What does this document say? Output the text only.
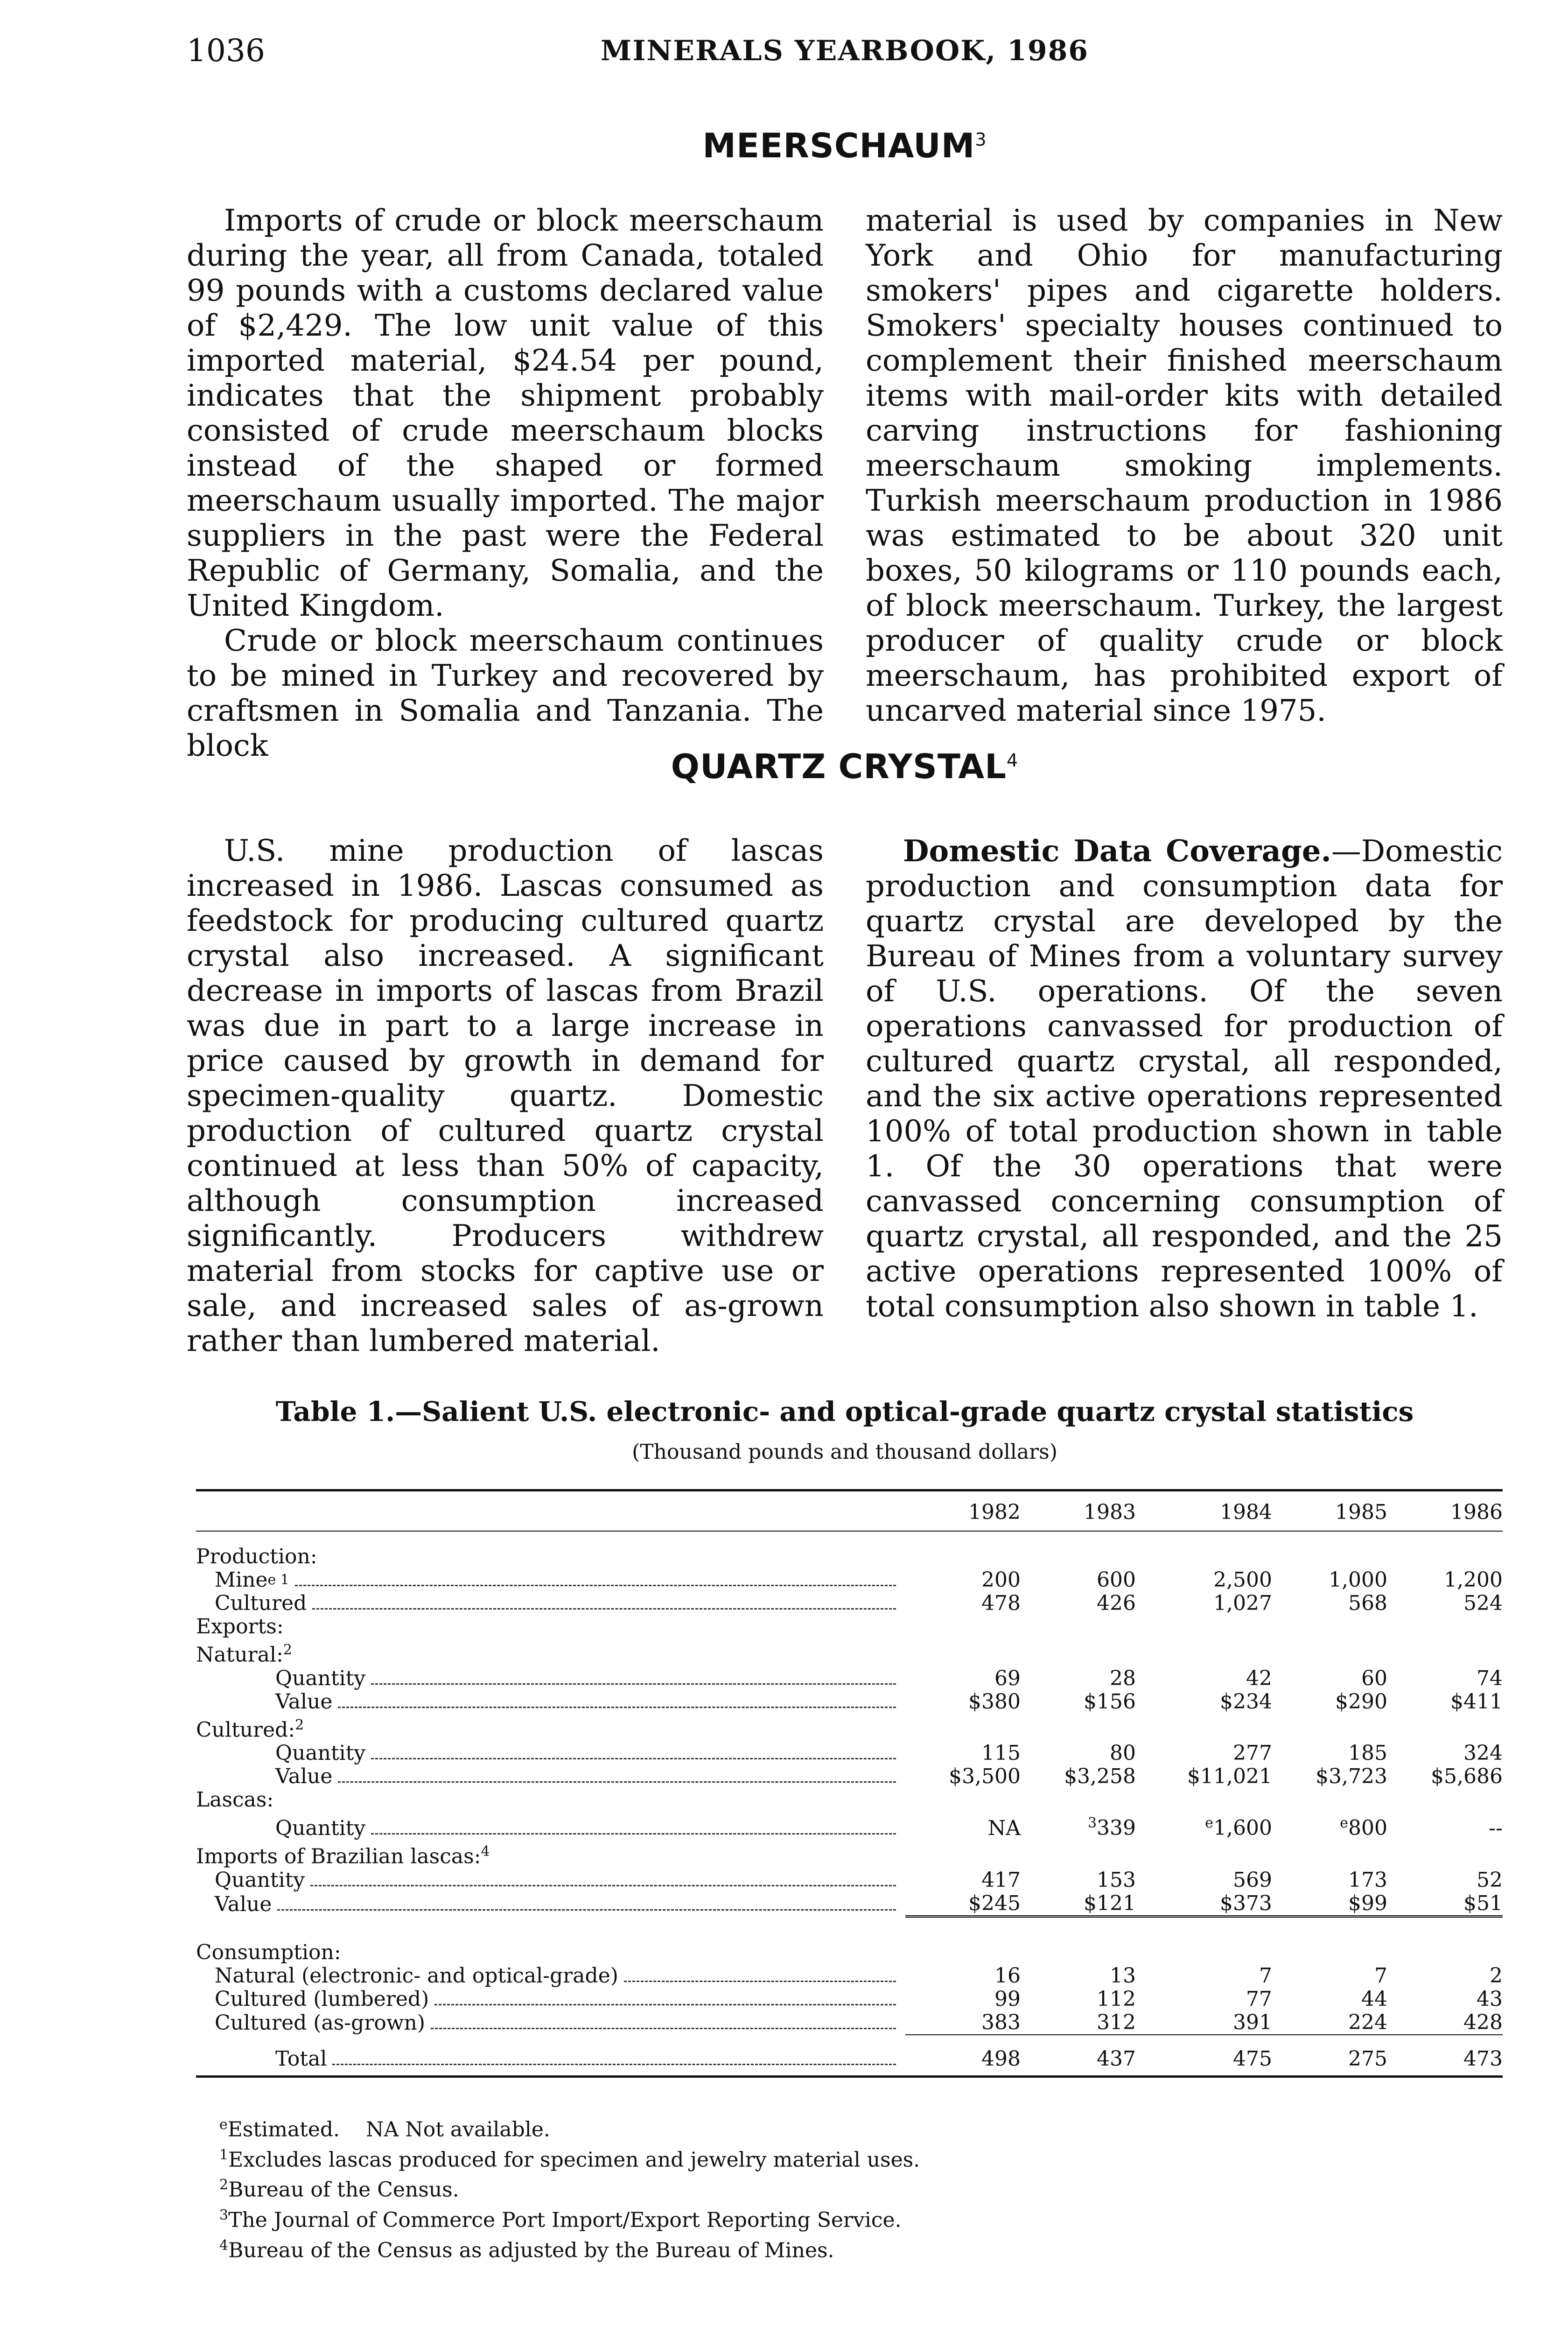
1036	MINERALS YEARBOOK, 1986
MEERSCHAUM$^3$

Imports of crude or block meerschaum during the year, all from Canada, totaled 99 pounds with a customs declared value of $2,429. The low unit value of this imported material, $24.54 per pound, indicates that the shipment probably consisted of crude meerschaum blocks instead of the shaped or formed meerschaum usually imported. The major suppliers in the past were the Federal Republic of Germany, Somalia, and the United Kingdom.

Crude or block meerschaum continues to be mined in Turkey and recovered by craftsmen in Somalia and Tanzania. The block

material is used by companies in New York and Ohio for manufacturing smokers' pipes and cigarette holders. Smokers' specialty houses continued to complement their finished meerschaum items with mail-order kits with detailed carving instructions for fashioning meerschaum smoking implements. Turkish meerschaum production in 1986 was estimated to be about 320 unit boxes, 50 kilograms or 110 pounds each, of block meerschaum. Turkey, the largest producer of quality crude or block meerschaum, has prohibited export of uncarved material since 1975.

QUARTZ CRYSTAL$^4$

U.S. mine production of lascas increased in 1986. Lascas consumed as feedstock for producing cultured quartz crystal also increased. A significant decrease in imports of lascas from Brazil was due in part to a large increase in price caused by growth in demand for specimen-quality quartz. Domestic production of cultured quartz crystal continued at less than 50% of capacity, although consumption increased significantly. Producers withdrew material from stocks for captive use or sale, and increased sales of as-grown rather than lumbered material.

Domestic Data Coverage.—Domestic production and consumption data for quartz crystal are developed by the Bureau of Mines from a voluntary survey of U.S. operations. Of the seven operations canvassed for production of cultured quartz crystal, all responded, and the six active operations represented 100% of total production shown in table 1. Of the 30 operations that were canvassed concerning consumption of quartz crystal, all responded, and the 25 active operations represented 100% of total consumption also shown in table 1.

Table 1.—Salient U.S. electronic- and optical-grade quartz crystal statistics
(Thousand pounds and thousand dollars)
	1982	1983	1984	1985	1986
Production:					

Mine e 1	200	600	2,500	1,000	1,200

Cultured	478	426	1,027	568	524
Exports:					
Natural:$^2$					

Quantity	69	28	42	60	74

Value	$380	$156	$234	$290	$411
Cultured:$^2$					

Quantity	115	80	277	185	324

Value	$3,500	$3,258	$11,021	$3,723	$5,686
Lascas:					

Quantity	NA	$^3$339	$^e$1,600	$^e$800	--
Imports of Brazilian lascas:$^4$					

Quantity	417	153	569	173	52

Value	$245	$121	$373	$99	$51

Consumption:					

Natural (electronic- and optical-grade)	16	13	7	7	2

Cultured (lumbered)	99	112	77	44	43

Cultured (as-grown)	383	312	391	224	428

Total	498	437	475	275	473
$^e$Estimated. NA Not available.
$^1$Excludes lascas produced for specimen and jewelry material uses.
$^2$Bureau of the Census.
$^3$The Journal of Commerce Port Import/Export Reporting Service.
$^4$Bureau of the Census as adjusted by the Bureau of Mines.
